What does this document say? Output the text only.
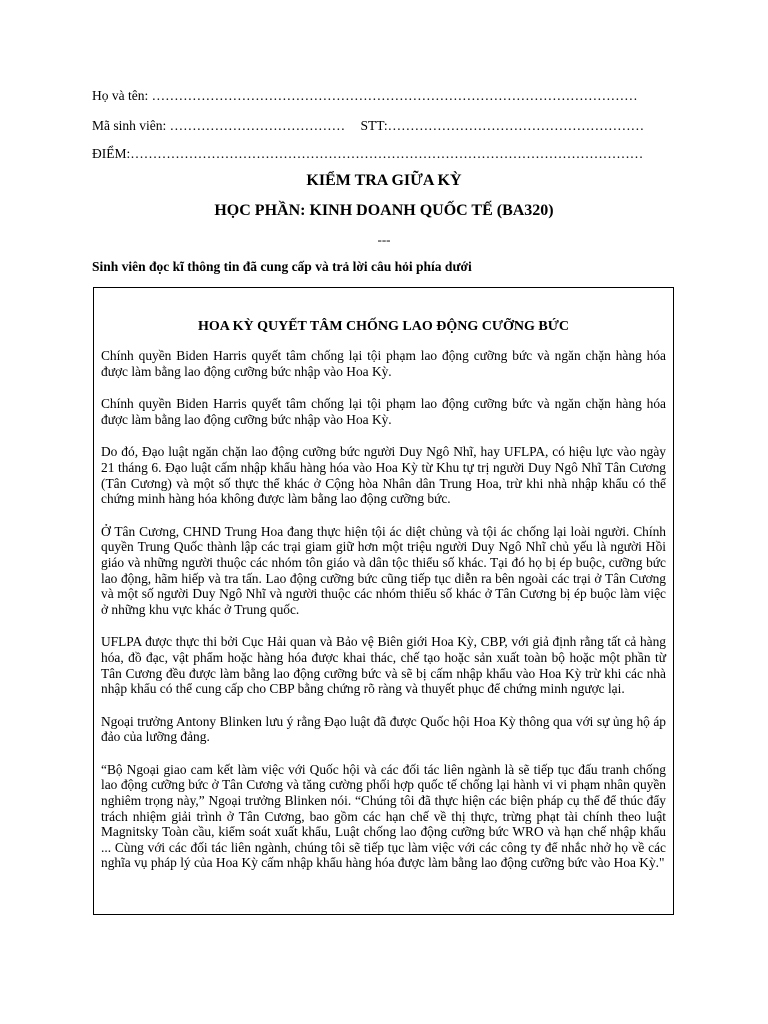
Họ và tên: ………………………………………………………………………………………………
Mã sinh viên: ………………………………… STT:…………………………………………………
ĐIỂM:……………………………………………………………………………………………………
KIỂM TRA GIỮA KỲ
HỌC PHẦN: KINH DOANH QUỐC TẾ (BA320)
---
Sinh viên đọc kĩ thông tin đã cung cấp và trả lời câu hỏi phía dưới
HOA KỲ QUYẾT TÂM CHỐNG LAO ĐỘNG CƯỠNG BỨC

Chính quyền Biden Harris quyết tâm chống lại tội phạm lao động cưỡng bức và ngăn chặn hàng hóa được làm bằng lao động cưỡng bức nhập vào Hoa Kỳ.

Chính quyền Biden Harris quyết tâm chống lại tội phạm lao động cưỡng bức và ngăn chặn hàng hóa được làm bằng lao động cưỡng bức nhập vào Hoa Kỳ.

Do đó, Đạo luật ngăn chặn lao động cưỡng bức người Duy Ngô Nhĩ, hay UFLPA, có hiệu lực vào ngày 21 tháng 6. Đạo luật cấm nhập khẩu hàng hóa vào Hoa Kỳ từ Khu tự trị người Duy Ngô Nhĩ Tân Cương (Tân Cương) và một số thực thể khác ở Cộng hòa Nhân dân Trung Hoa, trừ khi nhà nhập khẩu có thể chứng minh hàng hóa không được làm bằng lao động cưỡng bức.

Ở Tân Cương, CHND Trung Hoa đang thực hiện tội ác diệt chủng và tội ác chống lại loài người. Chính quyền Trung Quốc thành lập các trại giam giữ hơn một triệu người Duy Ngô Nhĩ chủ yếu là người Hồi giáo và những người thuộc các nhóm tôn giáo và dân tộc thiểu số khác. Tại đó họ bị ép buộc, cưỡng bức lao động, hãm hiếp và tra tấn. Lao động cưỡng bức cũng tiếp tục diễn ra bên ngoài các trại ở Tân Cương và một số người Duy Ngô Nhĩ và người thuộc các nhóm thiểu số khác ở Tân Cương bị ép buộc làm việc ở những khu vực khác ở Trung quốc.

UFLPA được thực thi bởi Cục Hải quan và Bảo vệ Biên giới Hoa Kỳ, CBP, với giả định rằng tất cả hàng hóa, đồ đạc, vật phẩm hoặc hàng hóa được khai thác, chế tạo hoặc sản xuất toàn bộ hoặc một phần từ Tân Cương đều được làm bằng lao động cưỡng bức và sẽ bị cấm nhập khẩu vào Hoa Kỳ trừ khi các nhà nhập khẩu có thể cung cấp cho CBP bằng chứng rõ ràng và thuyết phục để chứng minh ngược lại.

Ngoại trưởng Antony Blinken lưu ý rằng Đạo luật đã được Quốc hội Hoa Kỳ thông qua với sự ủng hộ áp đảo của lưỡng đảng.

“Bộ Ngoại giao cam kết làm việc với Quốc hội và các đối tác liên ngành là sẽ tiếp tục đấu tranh chống lao động cưỡng bức ở Tân Cương và tăng cường phối hợp quốc tế chống lại hành vi vi phạm nhân quyền nghiêm trọng này,” Ngoại trưởng Blinken nói. “Chúng tôi đã thực hiện các biện pháp cụ thể để thúc đẩy trách nhiệm giải trình ở Tân Cương, bao gồm các hạn chế về thị thực, trừng phạt tài chính theo luật Magnitsky Toàn cầu, kiểm soát xuất khẩu, Luật chống lao động cưỡng bức WRO và hạn chế nhập khẩu ... Cùng với các đối tác liên ngành, chúng tôi sẽ tiếp tục làm việc với các công ty để nhắc nhở họ về các nghĩa vụ pháp lý của Hoa Kỳ cấm nhập khẩu hàng hóa được làm bằng lao động cưỡng bức vào Hoa Kỳ."
